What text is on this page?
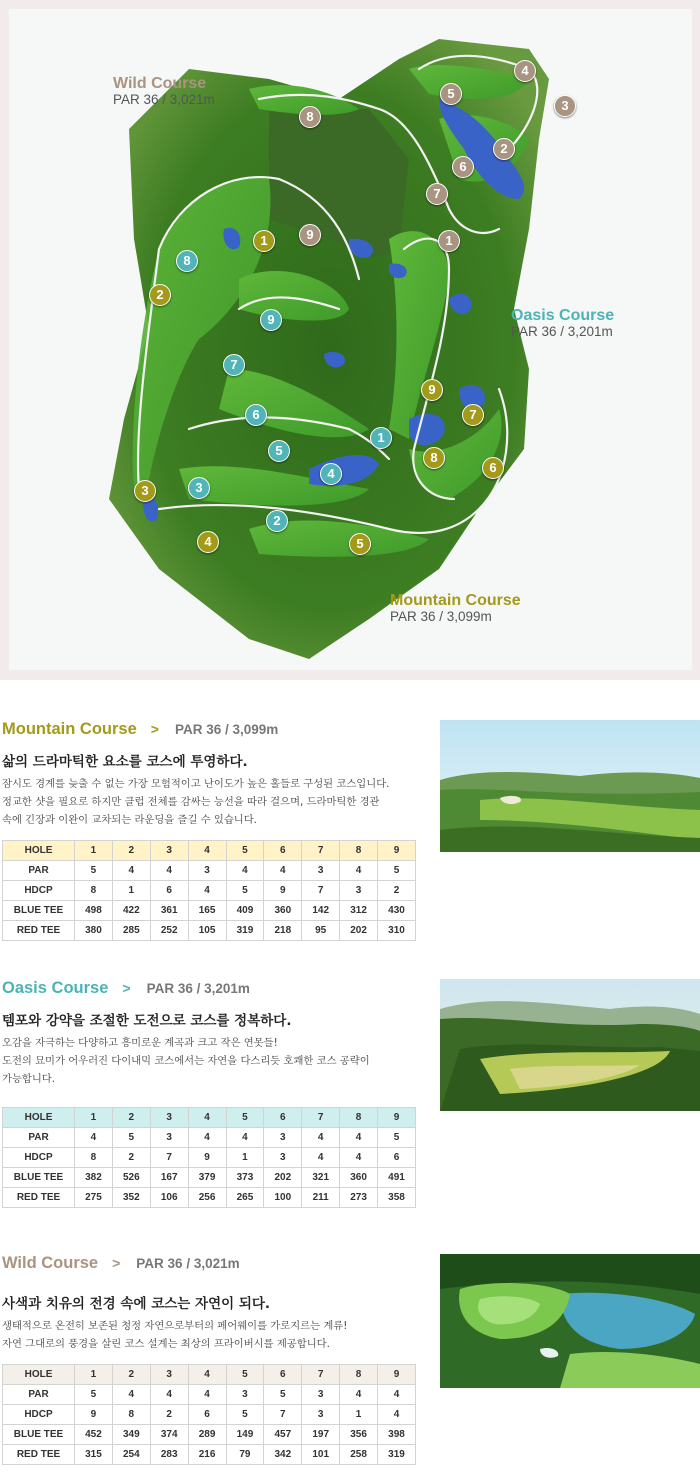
Wild Course
PAR 36 / 3,021m
Oasis Course
PAR 36 / 3,201m
Mountain Course
PAR 36 / 3,099m
1
2
3
4
5
6
7
8
9
1
2
3
4
5
6
7
8
9
1
2
3
4	5
6
7
8
9
Mountain Course > PAR 36 / 3,099m
삶의 드라마틱한 요소를 코스에 투영하다.
잠시도 경계를 늦출 수 없는 가장 모험적이고 난이도가 높은 홀들로 구성된 코스입니다.
정교한 샷을 필요로 하지만 클럽 전체를 감싸는 능선을 따라 걸으며, 드라마틱한 경관
속에 긴장과 이완이 교차되는 라운딩을 즐길 수 있습니다.
HOLE	1	2	3	4	5	6	7	8	9
PAR	5	4	4	3	4	4	3	4	5
HDCP	8	1	6	4	5	9	7	3	2
BLUE TEE	498	422	361	165	409	360	142	312	430
RED TEE	380	285	252	105	319	218	95	202	310
Oasis Course > PAR 36 / 3,201m
템포와 강약을 조절한 도전으로 코스를 정복하다.
오감을 자극하는 다양하고 흥미로운 계곡과 크고 작은 연못들!
도전의 묘미가 어우러진 다이내믹 코스에서는 자연을 다스리듯 호쾌한 코스 공략이
가능합니다.
HOLE	1	2	3	4	5	6	7	8	9
PAR	4	5	3	4	4	3	4	4	5
HDCP	8	2	7	9	1	3	4	4	6
BLUE TEE	382	526	167	379	373	202	321	360	491
RED TEE	275	352	106	256	265	100	211	273	358
Wild Course > PAR 36 / 3,021m
사색과 치유의 전경 속에 코스는 자연이 되다.
생태적으로 온전히 보존된 청정 자연으로부터의 페어웨이를 가로지르는 계류!
자연 그대로의 풍경을 살린 코스 설계는 최상의 프라이버시를 제공합니다.
HOLE	1	2	3	4	5	6	7	8	9
PAR	5	4	4	4	3	5	3	4	4
HDCP	9	8	2	6	5	7	3	1	4
BLUE TEE	452	349	374	289	149	457	197	356	398
RED TEE	315	254	283	216	79	342	101	258	319
